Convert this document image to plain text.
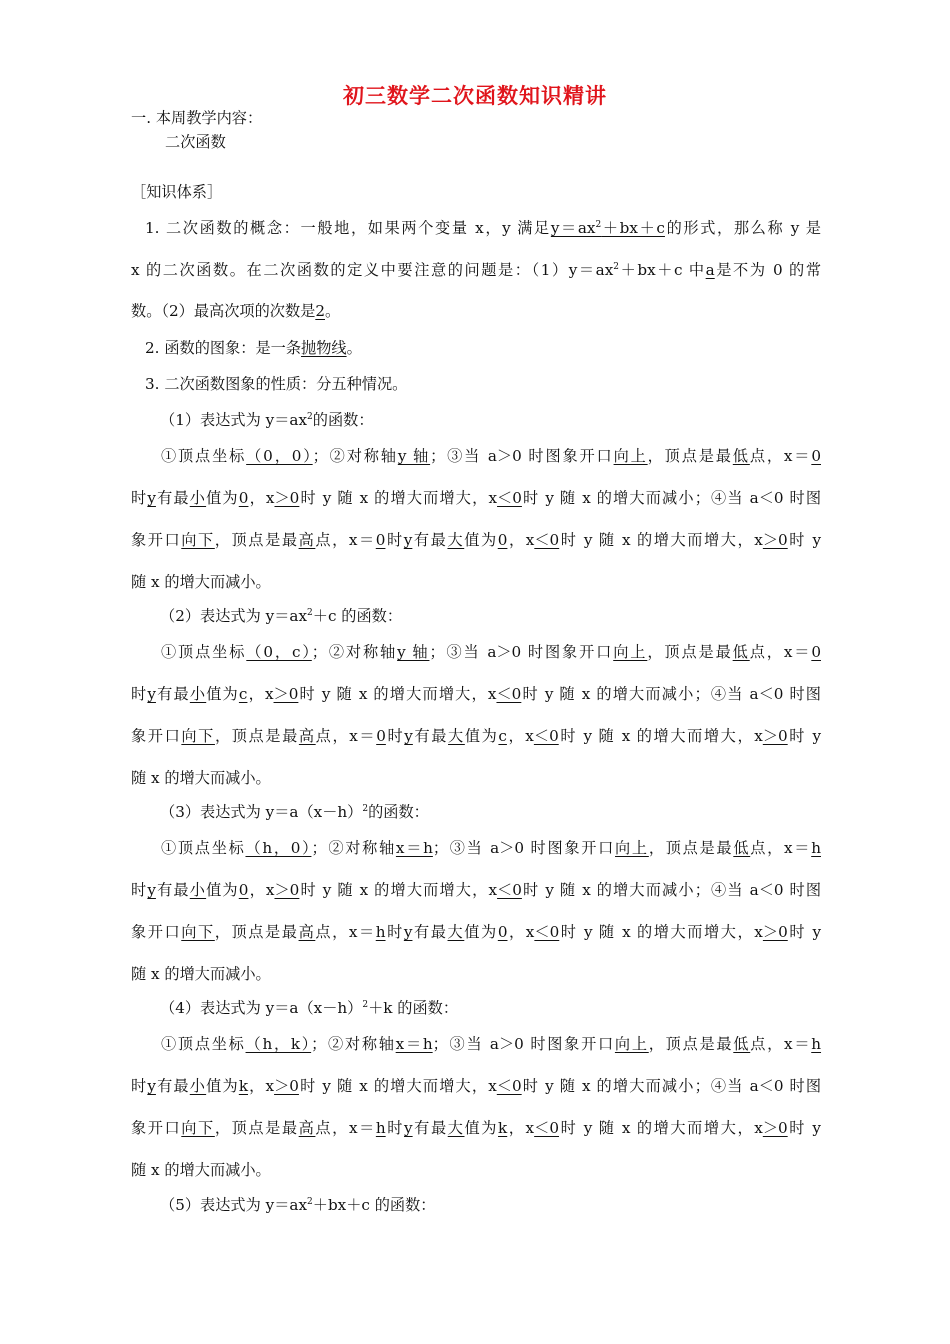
初三数学二次函数知识精讲
一. 本周教学内容：
二次函数
［知识体系］
1. 二次函数的概念：一般地，如果两个变量 x，y 满足$y=ax^2+bx+c$的形式，那么称 y 是
x 的二次函数。在二次函数的定义中要注意的问题是：$(1)y=ax^2+bx+c$ 中a是不为 0 的常
数。（2）最高次项的次数是2。
2. 函数的图象：是一条抛物线。
3. 二次函数图象的性质：分五种情况。
（1）表达式为 $y=ax^2$的函数：
①顶点坐标（0，0）；②对称轴y 轴；③当 a＞0 时图象开口向上，顶点是最低点，x＝0
时y有最小值为0，x＞0时 y 随 x 的增大而增大，x＜0时 y 随 x 的增大而减小；④当 a＜0 时图
象开口向下，顶点是最高点，x＝0时y有最大值为0，x＜0时 y 随 x 的增大而增大，x＞0时 y
随 x 的增大而减小。
（2）表达式为 $y=ax^2+c$ 的函数：
①顶点坐标（0，c）；②对称轴y 轴；③当 a＞0 时图象开口向上，顶点是最低点，x＝0
时y有最小值为c，x＞0时 y 随 x 的增大而增大，x＜0时 y 随 x 的增大而减小；④当 a＜0 时图
象开口向下，顶点是最高点，x＝0时y有最大值为c，x＜0时 y 随 x 的增大而增大，x＞0时 y
随 x 的增大而减小。
（3）表达式为 $y=a(x-h)^2$的函数：
①顶点坐标（h，0）；②对称轴x＝h；③当 a＞0 时图象开口向上，顶点是最低点，x＝h
时y有最小值为0，x＞0时 y 随 x 的增大而增大，x＜0时 y 随 x 的增大而减小；④当 a＜0 时图
象开口向下，顶点是最高点，x＝h时y有最大值为0，x＜0时 y 随 x 的增大而增大，x＞0时 y
随 x 的增大而减小。
（4）表达式为 $y=a(x-h)^2+k$ 的函数：
①顶点坐标（h，k）；②对称轴x＝h；③当 a＞0 时图象开口向上，顶点是最低点，x＝h
时y有最小值为k，x＞0时 y 随 x 的增大而增大，x＜0时 y 随 x 的增大而减小；④当 a＜0 时图
象开口向下，顶点是最高点，x＝h时y有最大值为k，x＜0时 y 随 x 的增大而增大，x＞0时 y
随 x 的增大而减小。
（5）表达式为 $y=ax^2+bx+c$ 的函数：
